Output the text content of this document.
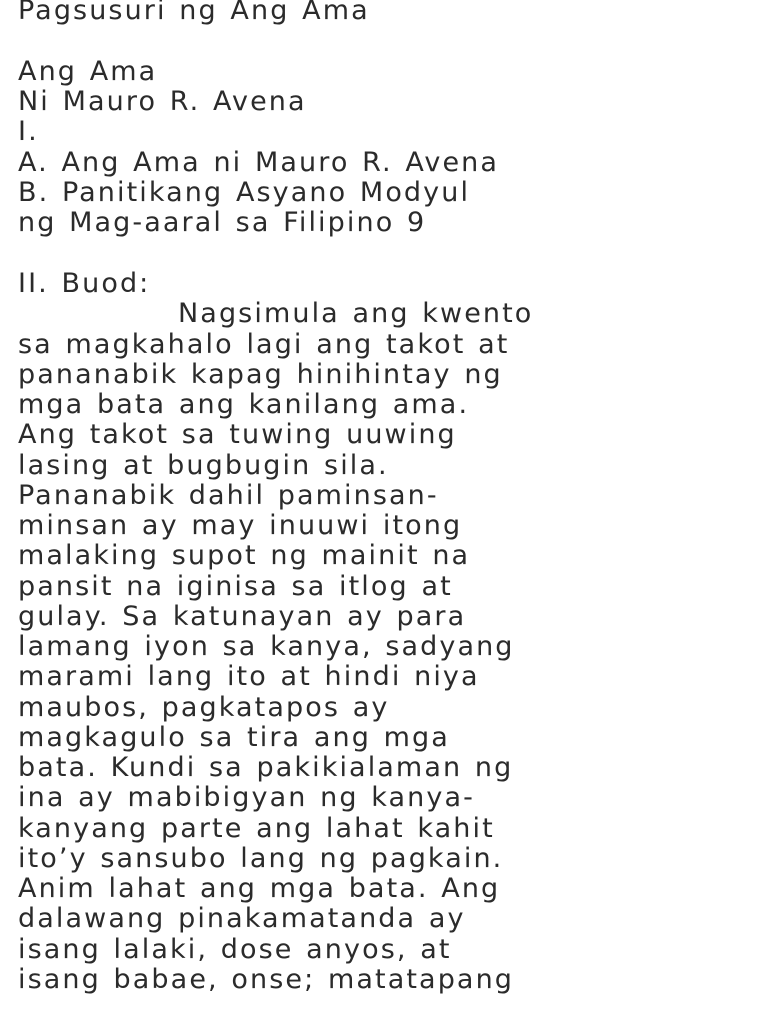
Pagsusuri ng Ang Ama

Ang Ama

Ni Mauro R. Avena

I.

A. Ang Ama ni Mauro R. Avena

B. Panitikang Asyano Modyul

ng Mag-aaral sa Filipino 9

II. Buod:

Nagsimula ang kwento

sa magkahalo lagi ang takot at

pananabik kapag hinihintay ng

mga bata ang kanilang ama.

Ang takot sa tuwing uuwing

lasing at bugbugin sila.

Pananabik dahil paminsan-

minsan ay may inuuwi itong

malaking supot ng mainit na

pansit na iginisa sa itlog at

gulay. Sa katunayan ay para

lamang iyon sa kanya, sadyang

marami lang ito at hindi niya

maubos, pagkatapos ay

magkagulo sa tira ang mga

bata. Kundi sa pakikialaman ng

ina ay mabibigyan ng kanya-

kanyang parte ang lahat kahit

ito’y sansubo lang ng pagkain.

Anim lahat ang mga bata. Ang

dalawang pinakamatanda ay

isang lalaki, dose anyos, at

isang babae, onse; matatapang
